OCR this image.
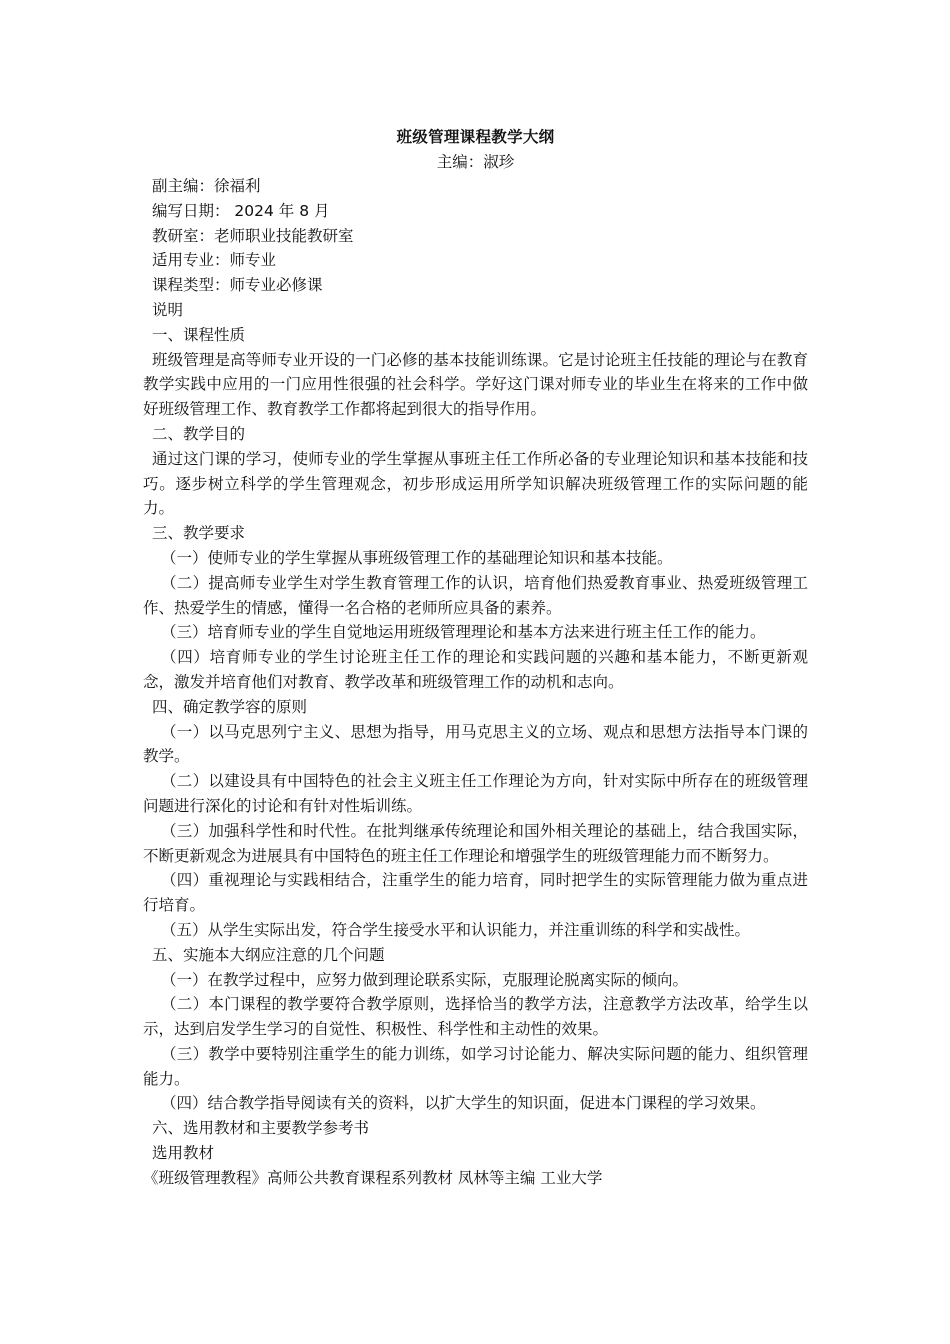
班级管理课程教学大纲
主编：淑珍
副主编：徐福利
编写日期： 2024 年 8 月
教研室：老师职业技能教研室
适用专业：师专业
课程类型：师专业必修课
说明
一、课程性质
班级管理是高等师专业开设的一门必修的基本技能训练课。它是讨论班主任技能的理论与在教育教学实践中应用的一门应用性很强的社会科学。学好这门课对师专业的毕业生在将来的工作中做好班级管理工作、教育教学工作都将起到很大的指导作用。
二、教学目的
通过这门课的学习，使师专业的学生掌握从事班主任工作所必备的专业理论知识和基本技能和技巧。逐步树立科学的学生管理观念，初步形成运用所学知识解决班级管理工作的实际问题的能力。
三、教学要求
（一）使师专业的学生掌握从事班级管理工作的基础理论知识和基本技能。
（二）提高师专业学生对学生教育管理工作的认识，培育他们热爱教育事业、热爱班级管理工作、热爱学生的情感，懂得一名合格的老师所应具备的素养。
（三）培育师专业的学生自觉地运用班级管理理论和基本方法来进行班主任工作的能力。
（四）培育师专业的学生讨论班主任工作的理论和实践问题的兴趣和基本能力，不断更新观念，激发并培育他们对教育、教学改革和班级管理工作的动机和志向。
四、确定教学容的原则
（一）以马克思列宁主义、思想为指导，用马克思主义的立场、观点和思想方法指导本门课的教学。
（二）以建设具有中国特色的社会主义班主任工作理论为方向，针对实际中所存在的班级管理问题进行深化的讨论和有针对性垢训练。
（三）加强科学性和时代性。在批判继承传统理论和国外相关理论的基础上，结合我国实际，不断更新观念为进展具有中国特色的班主任工作理论和增强学生的班级管理能力而不断努力。
（四）重视理论与实践相结合，注重学生的能力培育，同时把学生的实际管理能力做为重点进行培育。
（五）从学生实际出发，符合学生接受水平和认识能力，并注重训练的科学和实战性。
五、实施本大纲应注意的几个问题
（一）在教学过程中，应努力做到理论联系实际，克服理论脱离实际的倾向。
（二）本门课程的教学要符合教学原则，选择恰当的教学方法，注意教学方法改革，给学生以示，达到启发学生学习的自觉性、积极性、科学性和主动性的效果。
（三）教学中要特别注重学生的能力训练，如学习讨论能力、解决实际问题的能力、组织管理能力。
（四）结合教学指导阅读有关的资料，以扩大学生的知识面，促进本门课程的学习效果。
六、选用教材和主要教学参考书
选用教材
《班级管理教程》高师公共教育课程系列教材 凤林等主编 工业大学
